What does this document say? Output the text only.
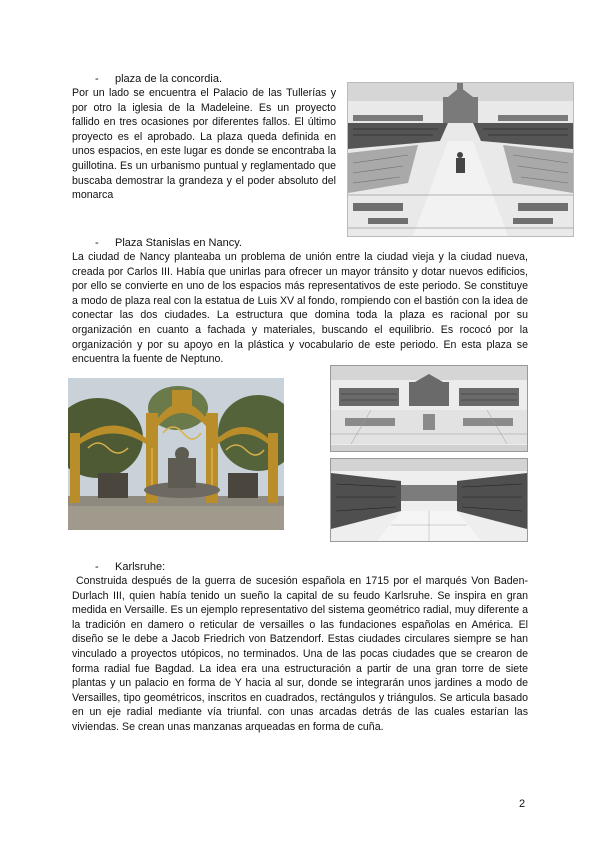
- plaza de la concordia.

Por un lado se encuentra el Palacio de las Tullerías y por otro la iglesia de la Madeleine. Es un proyecto fallido en tres ocasiones por diferentes fallos. El último proyecto es el aprobado. La plaza queda definida en unos espacios, en este lugar es donde se encontraba la guillotina. Es un urbanismo puntual y reglamentado que buscaba demostrar la grandeza y el poder absoluto del monarca

- Plaza Stanislas en Nancy.

La ciudad de Nancy planteaba un problema de unión entre la ciudad vieja y la ciudad nueva, creada por Carlos III. Había que unirlas para ofrecer un mayor tránsito y dotar nuevos edificios, por ello se convierte en uno de los espacios más representativos de este periodo. Se constituye a modo de plaza real con la estatua de Luis XV al fondo, rompiendo con el bastión con la idea de conectar las dos ciudades. La estructura que domina toda la plaza es racional por su organización en cuanto a fachada y materiales, buscando el equilibrio. Es rococó por la organización y por su apoyo en la plástica y vocabulario de este periodo. En esta plaza se encuentra la fuente de Neptuno.

- Karlsruhe:

Construida después de la guerra de sucesión española en 1715 por el marqués Von Baden-Durlach III, quien había tenido un sueño la capital de su feudo Karlsruhe. Se inspira en gran medida en Versaille. Es un ejemplo representativo del sistema geométrico radial, muy diferente a la tradición en damero o reticular de versailles o las fundaciones españolas en América. El diseño se le debe a Jacob Friedrich von Batzendorf. Estas ciudades circulares siempre se han vinculado a proyectos utópicos, no terminados. Una de las pocas ciudades que se crearon de forma radial fue Bagdad. La idea era una estructuración a partir de una gran torre de siete plantas y un palacio en forma de Y hacia al sur, donde se integrarán unos jardines a modo de Versailles, tipo geométricos, inscritos en cuadrados, rectángulos y triángulos. Se articula basado en un eje radial mediante vía triunfal. con unas arcadas detrás de las cuales estarían las viviendas. Se crean unas manzanas arqueadas en forma de cuña.

2
